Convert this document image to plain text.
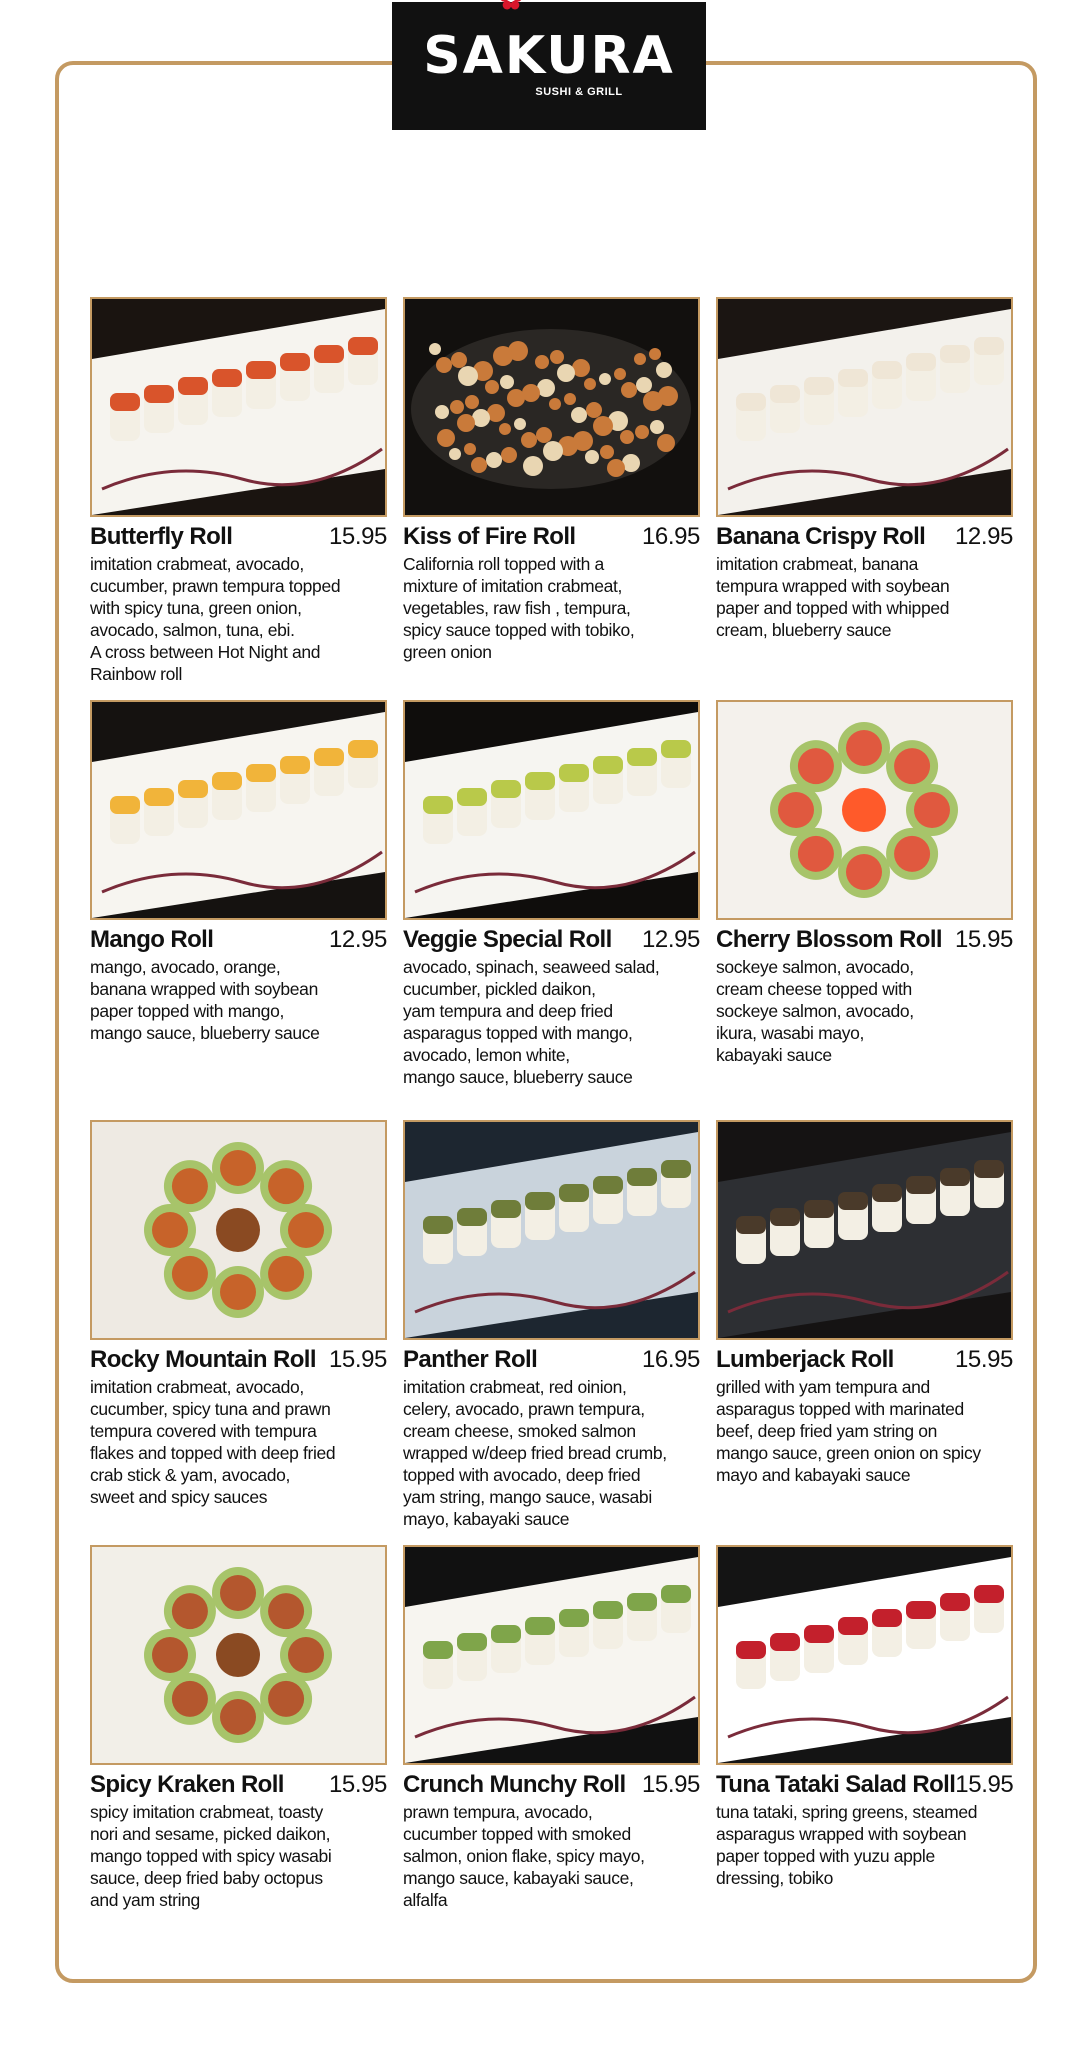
SAKURA
SUSHI & GRILL
Butterfly Roll	15.95
imitation crabmeat, avocado,
cucumber, prawn tempura topped
with spicy tuna, green onion,
avocado, salmon, tuna, ebi.
A cross between Hot Night and
Rainbow roll
Kiss of Fire Roll	16.95
California roll topped with a
mixture of imitation crabmeat,
vegetables, raw fish , tempura,
spicy sauce topped with tobiko,
green onion
Banana Crispy Roll 12.95
imitation crabmeat, banana
tempura wrapped with soybean
paper and topped with whipped
cream, blueberry sauce
Mango Roll	12.95
mango, avocado, orange,
banana wrapped with soybean
paper topped with mango,
mango sauce, blueberry sauce
Veggie Special Roll 12.95
avocado, spinach, seaweed salad,
cucumber, pickled daikon,
yam tempura and deep fried
asparagus topped with mango,
avocado, lemon white,
mango sauce, blueberry sauce
Cherry Blossom Roll 15.95
sockeye salmon, avocado,
cream cheese topped with
sockeye salmon, avocado,
ikura, wasabi mayo,
kabayaki sauce
Rocky Mountain Roll 15.95
imitation crabmeat, avocado,
cucumber, spicy tuna and prawn
tempura covered with tempura
flakes and topped with deep fried
crab stick & yam, avocado,
sweet and spicy sauces
Panther Roll	16.95
imitation crabmeat, red oinion,
celery, avocado, prawn tempura,
cream cheese, smoked salmon
wrapped w/deep fried bread crumb,
topped with avocado, deep fried
yam string, mango sauce, wasabi
mayo, kabayaki sauce
Lumberjack Roll	15.95
grilled with yam tempura and
asparagus topped with marinated
beef, deep fried yam string on
mango sauce, green onion on spicy
mayo and kabayaki sauce
Spicy Kraken Roll 15.95
spicy imitation crabmeat, toasty
nori and sesame, picked daikon,
mango topped with spicy wasabi
sauce, deep fried baby octopus
and yam string
Crunch Munchy Roll 15.95
prawn tempura, avocado,
cucumber topped with smoked
salmon, onion flake, spicy mayo,
mango sauce, kabayaki sauce,
alfalfa
Tuna Tataki Salad Roll 15.95
tuna tataki, spring greens, steamed
asparagus wrapped with soybean
paper topped with yuzu apple
dressing, tobiko
